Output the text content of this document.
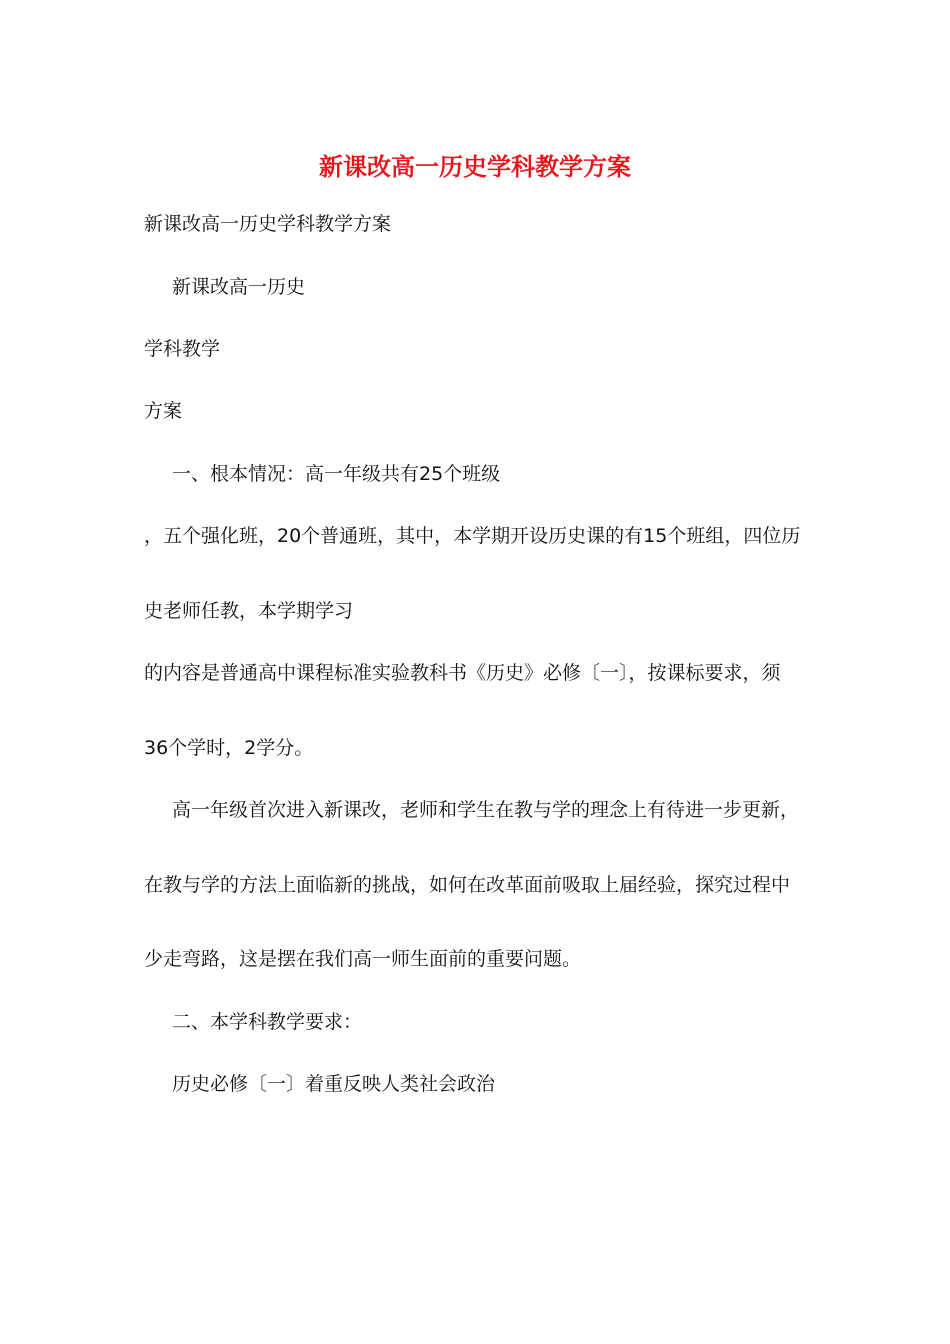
新课改高一历史学科教学方案
新课改高一历史学科教学方案
新课改高一历史
学科教学
方案
一、根本情况：高一年级共有25个班级
，五个强化班，20个普通班，其中，本学期开设历史课的有15个班组，四位历
史老师任教，本学期学习
的内容是普通高中课程标准实验教科书《历史》必修〔一〕，按课标要求，须
36个学时，2学分。
高一年级首次进入新课改，老师和学生在教与学的理念上有待进一步更新，
在教与学的方法上面临新的挑战，如何在改革面前吸取上届经验，探究过程中
少走弯路，这是摆在我们高一师生面前的重要问题。
二、本学科教学要求：
历史必修〔一〕着重反映人类社会政治
